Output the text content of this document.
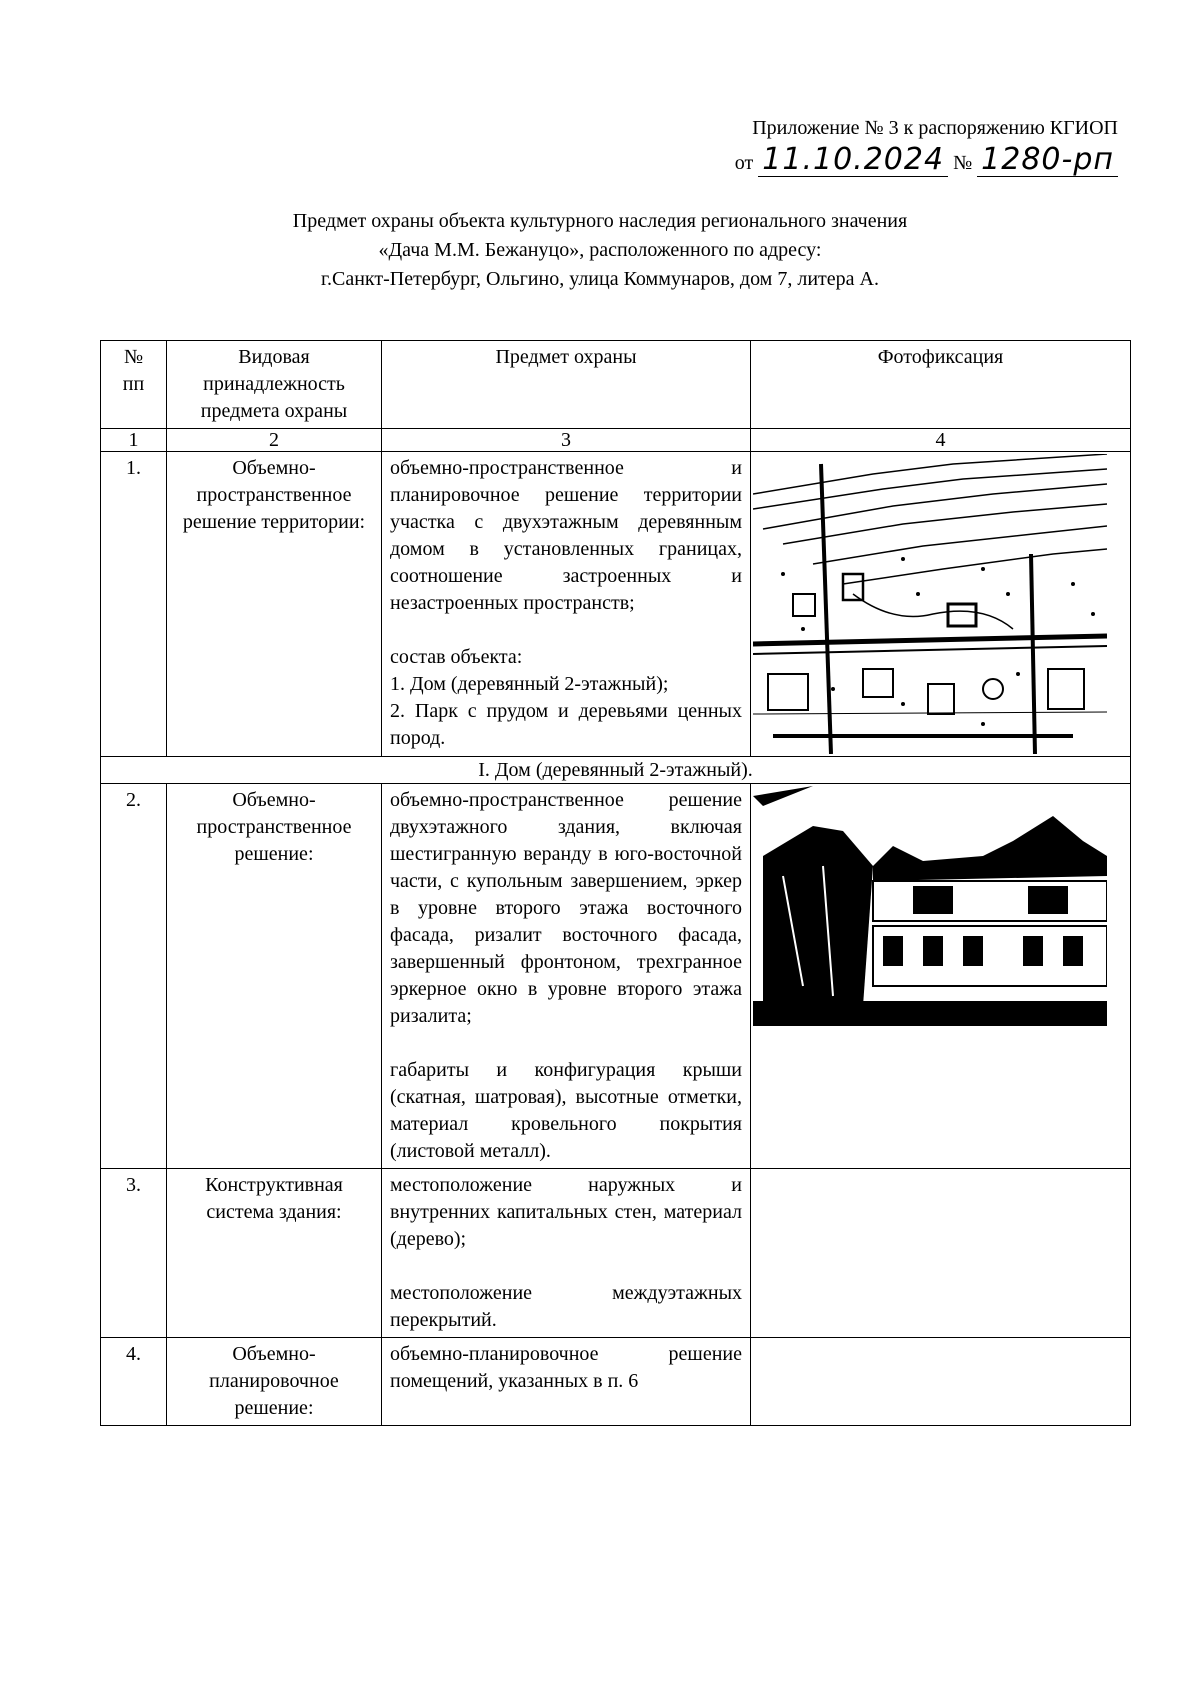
Приложение № 3 к распоряжению КГИОП
от 11.10.2024 № 1280-рп
Предмет охраны объекта культурного наследия регионального значения
«Дача М.М. Бежануцо», расположенного по адресу:
г.Санкт-Петербург, Ольгино, улица Коммунаров, дом 7, литера А.
№
пп	Видовая принадлежность предмета охраны	Предмет охраны	Фотофиксация
1	2	3	4
1.	Объемно-пространственное решение территории:	объемно-пространственное и планировочное решение территории участка с двухэтажным деревянным домом в установленных границах, соотношение застроенных и незастроенных пространств;
состав объекта:
1. Дом (деревянный 2-этажный);
2. Парк с прудом и деревьями ценных пород.

I. Дом (деревянный 2-этажный).			
2.	Объемно-пространственное решение:	объемно-пространственное решение двухэтажного здания, включая шестигранную веранду в юго-восточной части, с купольным завершением, эркер в уровне второго этажа восточного фасада, ризалит восточного фасада, завершенный фронтоном, трехгранное эркерное окно в уровне второго этажа ризалита;
габариты и конфигурация крыши (скатная, шатровая), высотные отметки, материал кровельного покрытия (листовой металл).

3.	Конструктивная система здания:	местоположение наружных и внутренних капитальных стен, материал (дерево);
местоположение междуэтажных перекрытий.	

4.	Объемно-планировочное решение:	объемно-планировочное решение помещений, указанных в п. 6	
